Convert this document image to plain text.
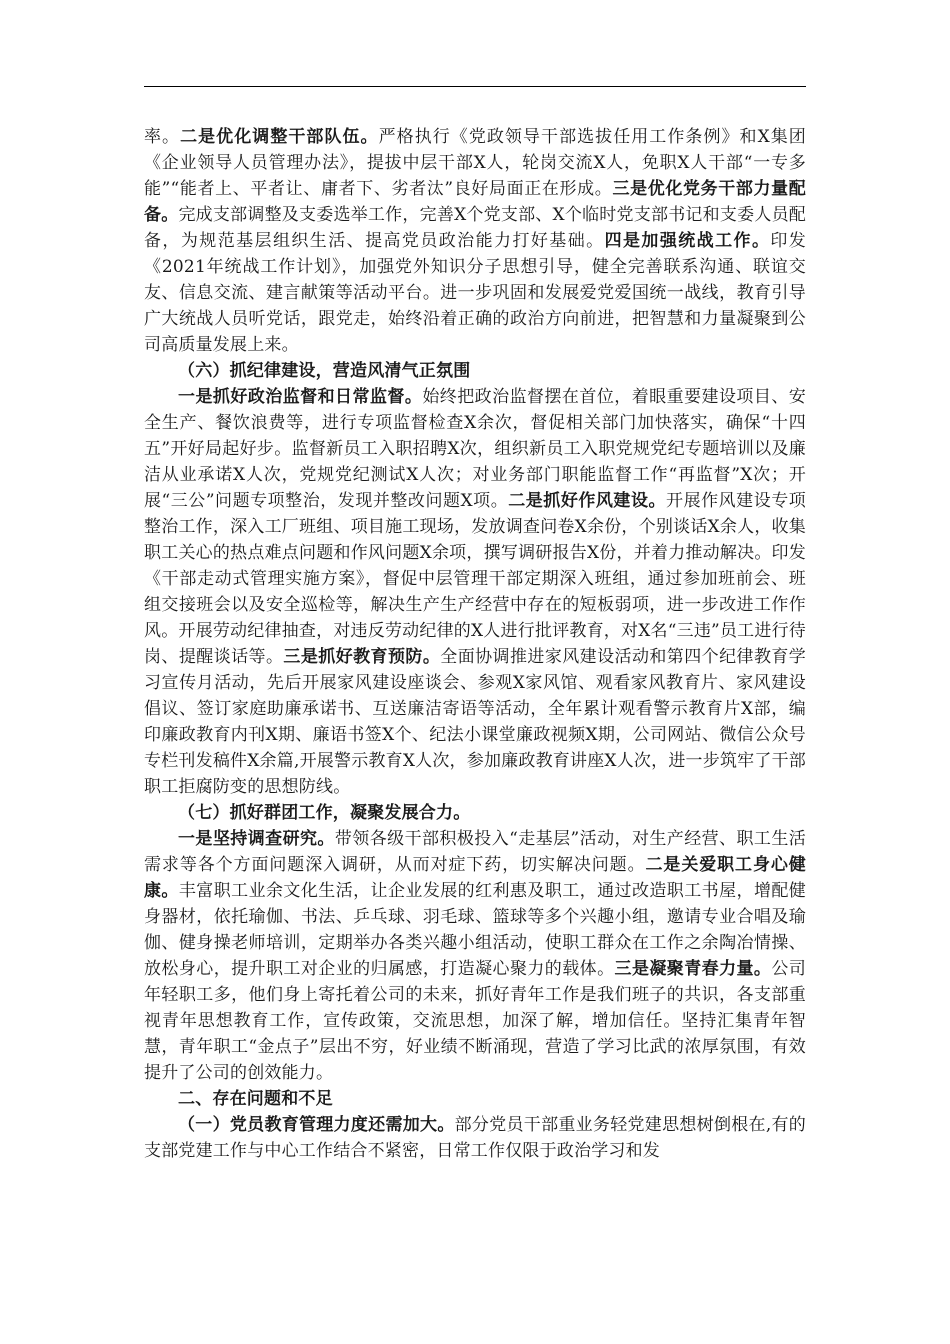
率。二是优化调整干部队伍。严格执行《党政领导干部选拔任用工作条例》和X集团《企业领导人员管理办法》，提拔中层干部X人，轮岗交流X人，免职X人干部“一专多能”“能者上、平者让、庸者下、劣者汰”良好局面正在形成。三是优化党务干部力量配备。完成支部调整及支委选举工作，完善X个党支部、X个临时党支部书记和支委人员配备，为规范基层组织生活、提高党员政治能力打好基础。四是加强统战工作。印发《2021年统战工作计划》，加强党外知识分子思想引导，健全完善联系沟通、联谊交友、信息交流、建言献策等活动平台。进一步巩固和发展爱党爱国统一战线，教育引导广大统战人员听党话，跟党走，始终沿着正确的政治方向前进，把智慧和力量凝聚到公司高质量发展上来。

（六）抓纪律建设，营造风清气正氛围

一是抓好政治监督和日常监督。始终把政治监督摆在首位，着眼重要建设项目、安全生产、餐饮浪费等，进行专项监督检查X余次，督促相关部门加快落实，确保“十四五”开好局起好步。监督新员工入职招聘X次，组织新员工入职党规党纪专题培训以及廉洁从业承诺X人次，党规党纪测试X人次；对业务部门职能监督工作“再监督”X次；开展“三公”问题专项整治，发现并整改问题X项。二是抓好作风建设。开展作风建设专项整治工作，深入工厂班组、项目施工现场，发放调查问卷X余份，个别谈话X余人，收集职工关心的热点难点问题和作风问题X余项，撰写调研报告X份，并着力推动解决。印发《干部走动式管理实施方案》，督促中层管理干部定期深入班组，通过参加班前会、班组交接班会以及安全巡检等，解决生产生产经营中存在的短板弱项，进一步改进工作作风。开展劳动纪律抽查，对违反劳动纪律的X人进行批评教育，对X名“三违”员工进行待岗、提醒谈话等。三是抓好教育预防。全面协调推进家风建设活动和第四个纪律教育学习宣传月活动，先后开展家风建设座谈会、参观X家风馆、观看家风教育片、家风建设倡议、签订家庭助廉承诺书、互送廉洁寄语等活动，全年累计观看警示教育片X部，编印廉政教育内刊X期、廉语书签X个、纪法小课堂廉政视频X期，公司网站、微信公众号专栏刊发稿件X余篇,开展警示教育X人次，参加廉政教育讲座X人次，进一步筑牢了干部职工拒腐防变的思想防线。

（七）抓好群团工作，凝聚发展合力。

一是坚持调查研究。带领各级干部积极投入“走基层”活动，对生产经营、职工生活需求等各个方面问题深入调研，从而对症下药，切实解决问题。二是关爱职工身心健康。丰富职工业余文化生活，让企业发展的红利惠及职工，通过改造职工书屋，增配健身器材，依托瑜伽、书法、乒乓球、羽毛球、篮球等多个兴趣小组，邀请专业合唱及瑜伽、健身操老师培训，定期举办各类兴趣小组活动，使职工群众在工作之余陶冶情操、放松身心，提升职工对企业的归属感，打造凝心聚力的载体。三是凝聚青春力量。公司年轻职工多，他们身上寄托着公司的未来，抓好青年工作是我们班子的共识，各支部重视青年思想教育工作，宣传政策，交流思想，加深了解，增加信任。坚持汇集青年智慧，青年职工“金点子”层出不穷，好业绩不断涌现，营造了学习比武的浓厚氛围，有效提升了公司的创效能力。

二、存在问题和不足

（一）党员教育管理力度还需加大。部分党员干部重业务轻党建思想树倒根在,有的支部党建工作与中心工作结合不紧密，日常工作仅限于政治学习和发
